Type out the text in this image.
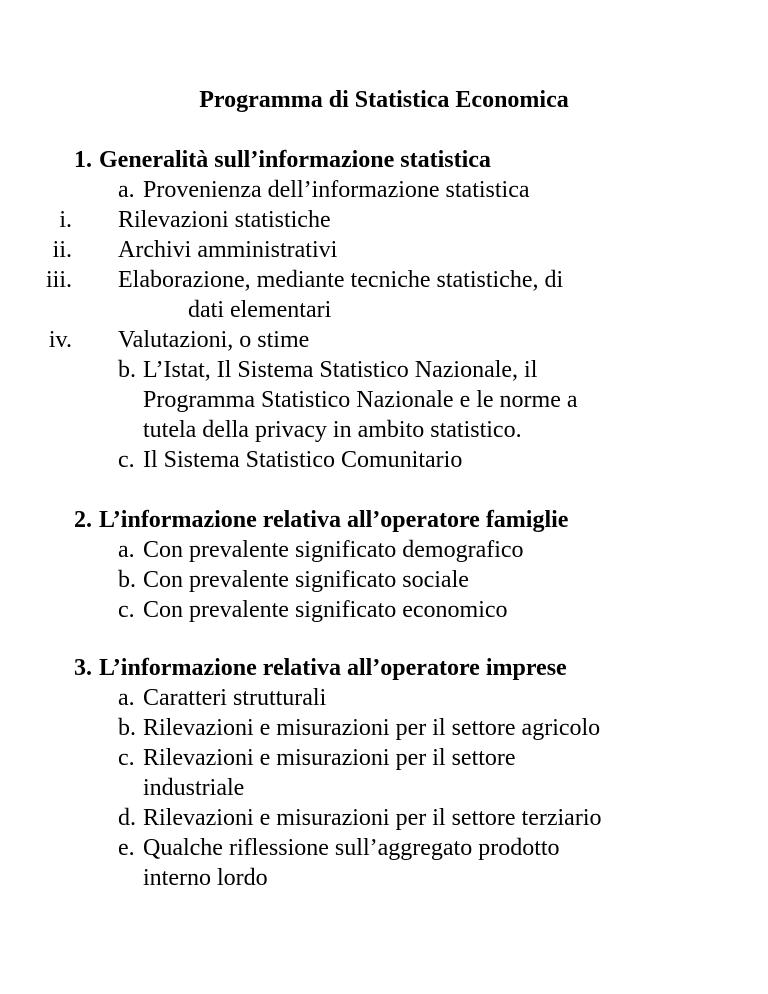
Programma di Statistica Economica
1. Generalità sull’informazione statistica
a. Provenienza dell’informazione statistica
i. Rilevazioni statistiche
ii. Archivi amministrativi
iii. Elaborazione, mediante tecniche statistiche, di
dati elementari
iv. Valutazioni, o stime
b. L’Istat, Il Sistema Statistico Nazionale, il
Programma Statistico Nazionale e le norme a
tutela della privacy in ambito statistico.
c. Il Sistema Statistico Comunitario
2. L’informazione relativa all’operatore famiglie
a. Con prevalente significato demografico
b. Con prevalente significato sociale
c. Con prevalente significato economico
3. L’informazione relativa all’operatore imprese
a. Caratteri strutturali
b. Rilevazioni e misurazioni per il settore agricolo
c. Rilevazioni e misurazioni per il settore
industriale
d. Rilevazioni e misurazioni per il settore terziario
e. Qualche riflessione sull’aggregato prodotto
interno lordo
